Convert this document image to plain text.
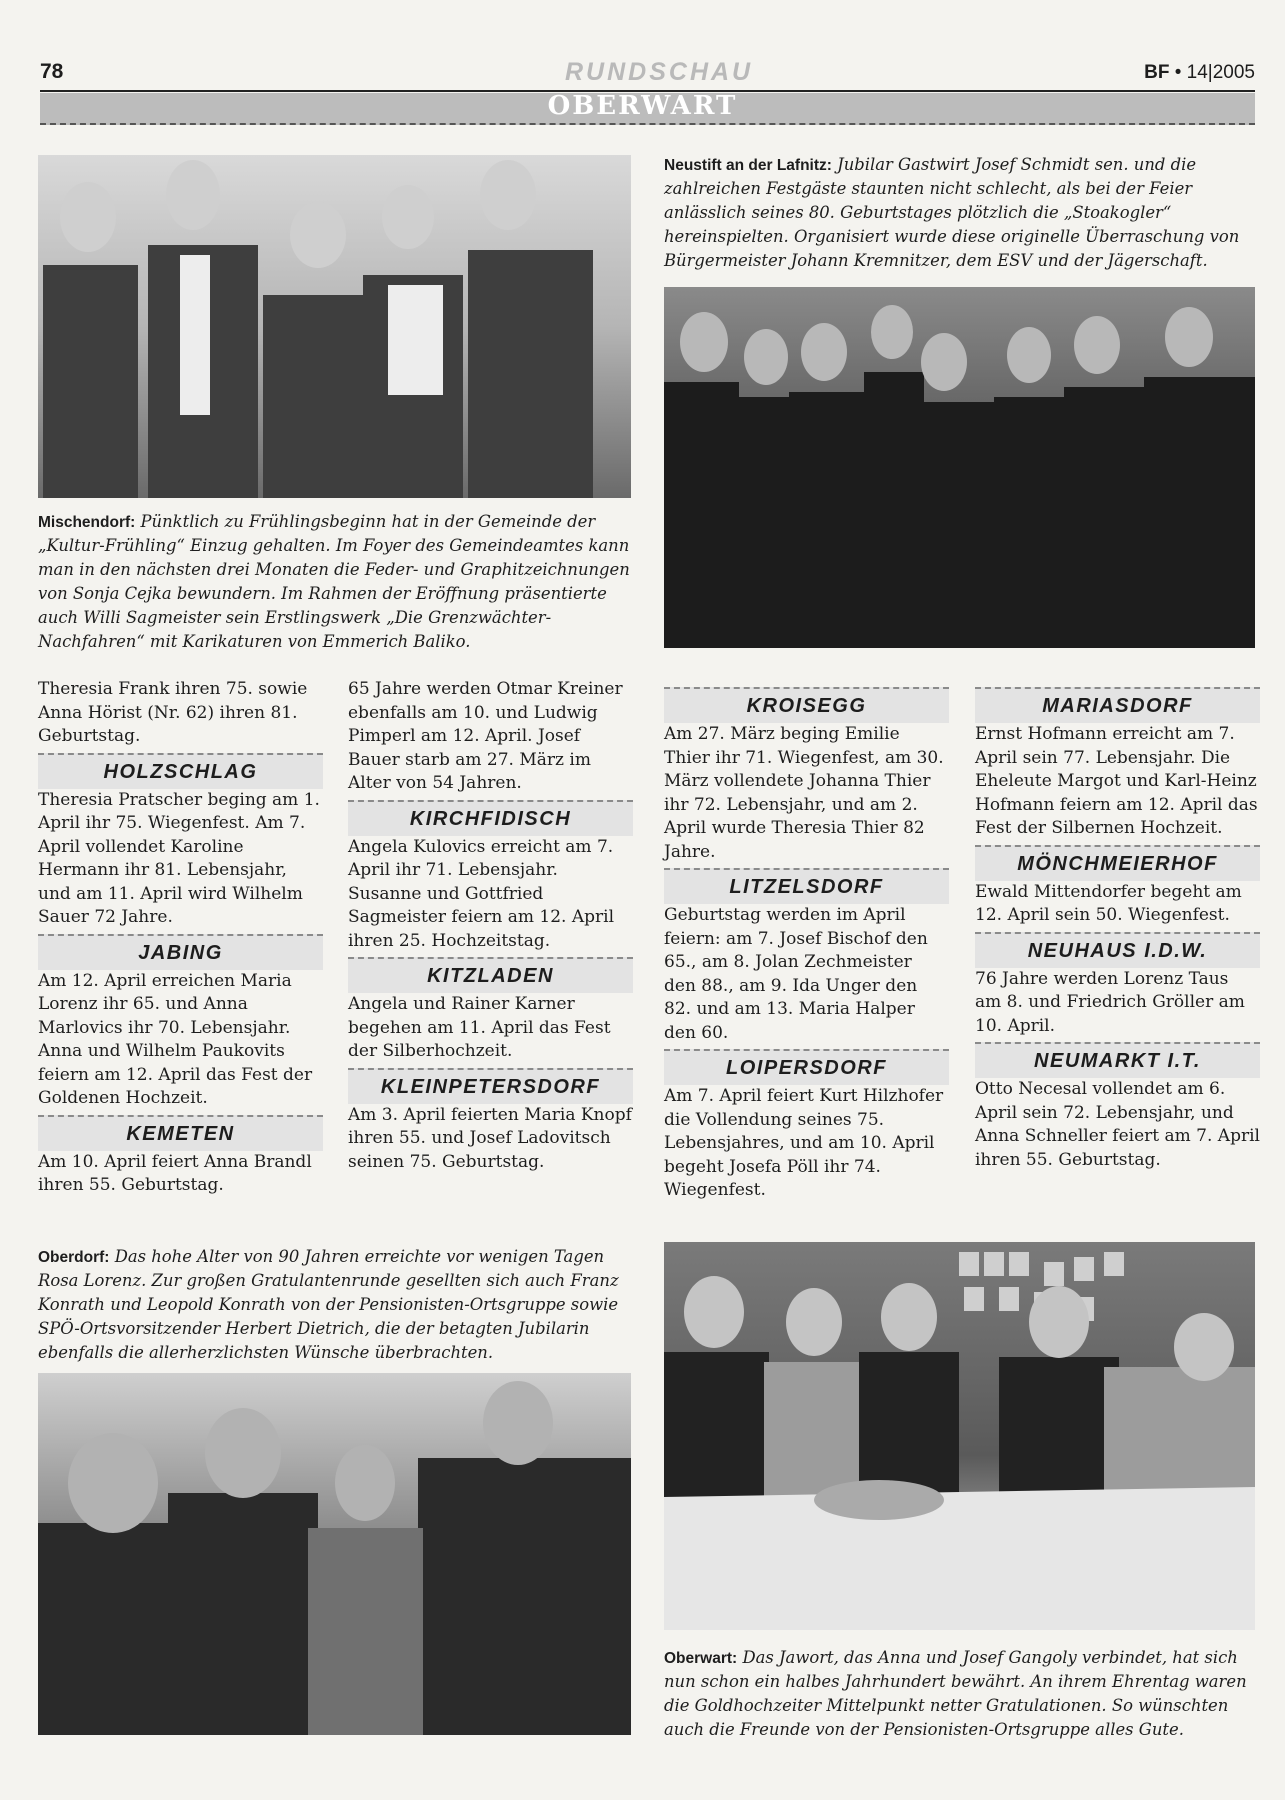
78	RUNDSCHAU	BF • 14|2005
OBERWART
Neustift an der Lafnitz: Jubilar Gastwirt Josef Schmidt sen. und die zahlreichen Festgäste staunten nicht schlecht, als bei der Feier anlässlich seines 80. Geburtstages plötzlich die „Stoakogler“ hereinspielten. Organisiert wurde diese originelle Überraschung von Bürgermeister Johann Kremnitzer, dem ESV und der Jägerschaft.
Mischendorf: Pünktlich zu Frühlingsbeginn hat in der Gemeinde der „Kultur-Frühling“ Einzug gehalten. Im Foyer des Gemeindeamtes kann man in den nächsten drei Monaten die Feder- und Graphitzeichnungen von Sonja Cejka bewundern. Im Rahmen der Eröffnung präsentierte auch Willi Sagmeister sein Erstlingswerk „Die Grenzwächter-Nachfahren“ mit Karikaturen von Emmerich Baliko.
Oberdorf: Das hohe Alter von 90 Jahren erreichte vor wenigen Tagen Rosa Lorenz. Zur großen Gratulantenrunde gesellten sich auch Franz Konrath und Leopold Konrath von der Pensionisten-Ortsgruppe sowie SPÖ-Ortsvorsitzender Herbert Dietrich, die der betagten Jubilarin ebenfalls die allerherzlichsten Wünsche überbrachten.
Oberwart: Das Jawort, das Anna und Josef Gangoly verbindet, hat sich nun schon ein halbes Jahrhundert bewährt. An ihrem Ehrentag waren die Goldhochzeiter Mittelpunkt netter Gratulationen. So wünschten auch die Freunde von der Pensionisten-Ortsgruppe alles Gute.

Theresia Frank ihren 75. sowie Anna Hörist (Nr. 62) ihren 81. Geburtstag.

HOLZSCHLAG

Theresia Pratscher beging am 1. April ihr 75. Wiegenfest. Am 7. April vollendet Karoline Hermann ihr 81. Lebensjahr, und am 11. April wird Wilhelm Sauer 72 Jahre.

JABING

Am 12. April erreichen Maria Lorenz ihr 65. und Anna Marlovics ihr 70. Lebensjahr. Anna und Wilhelm Paukovits feiern am 12. April das Fest der Goldenen Hochzeit.

KEMETEN

Am 10. April feiert Anna Brandl ihren 55. Geburtstag.

65 Jahre werden Otmar Kreiner ebenfalls am 10. und Ludwig Pimperl am 12. April. Josef Bauer starb am 27. März im Alter von 54 Jahren.

KIRCHFIDISCH

Angela Kulovics erreicht am 7. April ihr 71. Lebensjahr. Susanne und Gottfried Sagmeister feiern am 12. April ihren 25. Hochzeitstag.

KITZLADEN

Angela und Rainer Karner begehen am 11. April das Fest der Silberhochzeit.

KLEINPETERSDORF

Am 3. April feierten Maria Knopf ihren 55. und Josef Ladovitsch seinen 75. Geburtstag.

KROISEGG

Am 27. März beging Emilie Thier ihr 71. Wiegenfest, am 30. März vollendete Johanna Thier ihr 72. Lebensjahr, und am 2. April wurde Theresia Thier 82 Jahre.

LITZELSDORF

Geburtstag werden im April feiern: am 7. Josef Bischof den 65., am 8. Jolan Zechmeister den 88., am 9. Ida Unger den 82. und am 13. Maria Halper den 60.

LOIPERSDORF

Am 7. April feiert Kurt Hilzhofer die Vollendung seines 75. Lebensjahres, und am 10. April begeht Josefa Pöll ihr 74. Wiegenfest.

MARIASDORF

Ernst Hofmann erreicht am 7. April sein 77. Lebensjahr. Die Eheleute Margot und Karl-Heinz Hofmann feiern am 12. April das Fest der Silbernen Hochzeit.

MÖNCHMEIERHOF

Ewald Mittendorfer begeht am 12. April sein 50. Wiegenfest.

NEUHAUS I.D.W.

76 Jahre werden Lorenz Taus am 8. und Friedrich Gröller am 10. April.

NEUMARKT I.T.

Otto Necesal vollendet am 6. April sein 72. Lebensjahr, und Anna Schneller feiert am 7. April ihren 55. Geburtstag.
